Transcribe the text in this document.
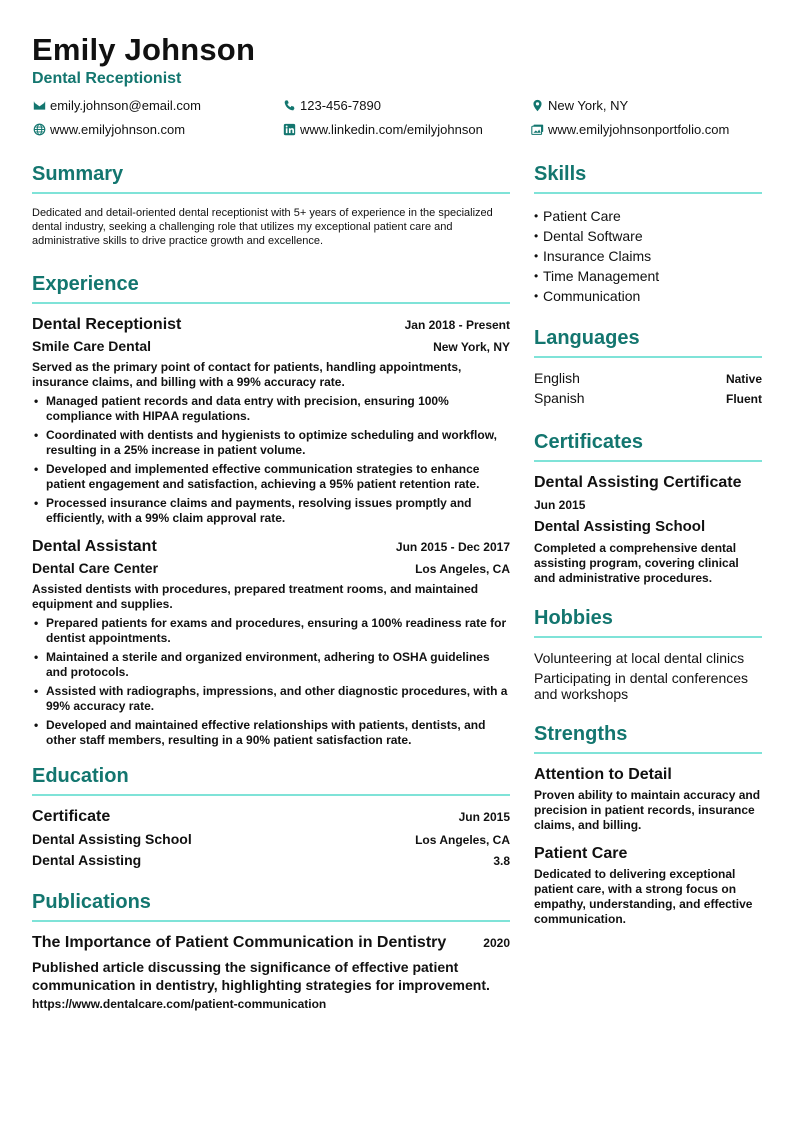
Emily Johnson
Dental Receptionist
emily.johnson@email.com	123-456-7890	New York, NY
www.emilyjohnson.com	www.linkedin.com/emilyjohnson	www.emilyjohnsonportfolio.com
Summary

Dedicated and detail-oriented dental receptionist with 5+ years of experience in the specialized dental industry, seeking a challenging role that utilizes my exceptional patient care and administrative skills to drive practice growth and excellence.

Experience
Dental Receptionist	Jan 2018 - Present
Smile Care Dental	New York, NY

Served as the primary point of contact for patients, handling appointments, insurance claims, and billing with a 99% accuracy rate.

• Managed patient records and data entry with precision, ensuring 100% compliance with HIPAA regulations.
• Coordinated with dentists and hygienists to optimize scheduling and workflow, resulting in a 25% increase in patient volume.
• Developed and implemented effective communication strategies to enhance patient engagement and satisfaction, achieving a 95% patient retention rate.
• Processed insurance claims and payments, resolving issues promptly and efficiently, with a 99% claim approval rate.
Dental Assistant	Jun 2015 - Dec 2017
Dental Care Center	Los Angeles, CA

Assisted dentists with procedures, prepared treatment rooms, and maintained equipment and supplies.

• Prepared patients for exams and procedures, ensuring a 100% readiness rate for dentist appointments.
• Maintained a sterile and organized environment, adhering to OSHA guidelines and protocols.
• Assisted with radiographs, impressions, and other diagnostic procedures, with a 99% accuracy rate.
• Developed and maintained effective relationships with patients, dentists, and other staff members, resulting in a 90% patient satisfaction rate.
Education
Certificate	Jun 2015
Dental Assisting School	Los Angeles, CA
Dental Assisting	3.8
Publications
The Importance of Patient Communication in Dentistry	2020

Published article discussing the significance of effective patient communication in dentistry, highlighting strategies for improvement.

https://www.dentalcare.com/patient-communication

Skills
• Patient Care
• Dental Software
• Insurance Claims
• Time Management
• Communication
Languages
English	Native
Spanish	Fluent
Certificates
Dental Assisting Certificate
Jun 2015
Dental Assisting School

Completed a comprehensive dental assisting program, covering clinical and administrative procedures.

Hobbies

Volunteering at local dental clinics

Participating in dental conferences and workshops

Strengths
Attention to Detail

Proven ability to maintain accuracy and precision in patient records, insurance claims, and billing.

Patient Care

Dedicated to delivering exceptional patient care, with a strong focus on empathy, understanding, and effective communication.
